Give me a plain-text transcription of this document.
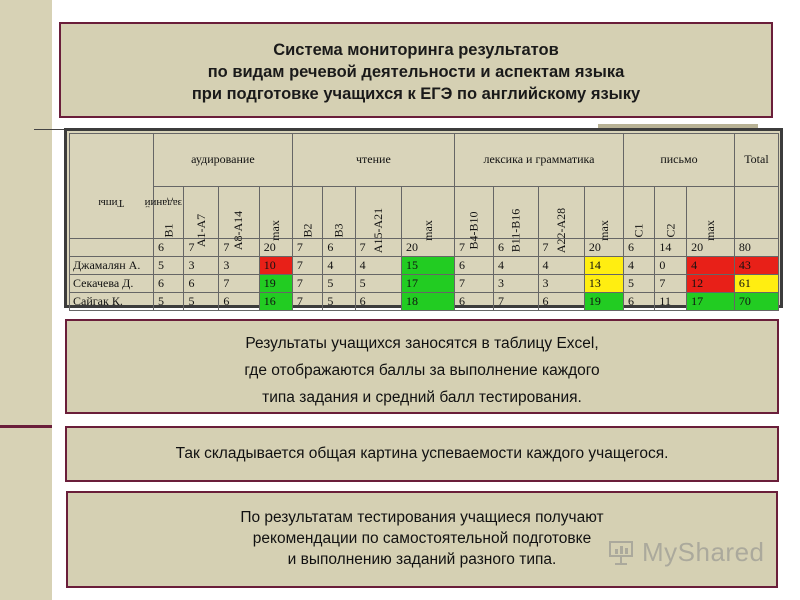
Система мониторинга результатов
по видам речевой деятельности и аспектам языка
при подготовке учащихся к ЕГЭ по английскому языку
Типы заданий	аудирование				чтение				лексика и грамматика				письмо			Total
	B1	A1-A7	A8-A14	max	B2	B3	A15-A21	max	B4-B10	B11-B16	A22-A28	max	C1	C2	max	
	6	7	7	20	7	6	7	20	7	6	7	20	6	14	20	80
Джамалян А.	5	3	3	10	7	4	4	15	6	4	4	14	4	0	4	43
Секачева Д.	6	6	7	19	7	5	5	17	7	3	3	13	5	7	12	61
Сайгак К.	5	5	6	16	7	5	6	18	6	7	6	19	6	11	17	70
Результаты учащихся заносятся в таблицу Excel,
где отображаются баллы за выполнение каждого
типа задания и средний балл тестирования.
Так складывается общая картина успеваемости каждого учащегося.
По результатам тестирования учащиеся получают
рекомендации по самостоятельной подготовке
и выполнению заданий разного типа.	MyShared
